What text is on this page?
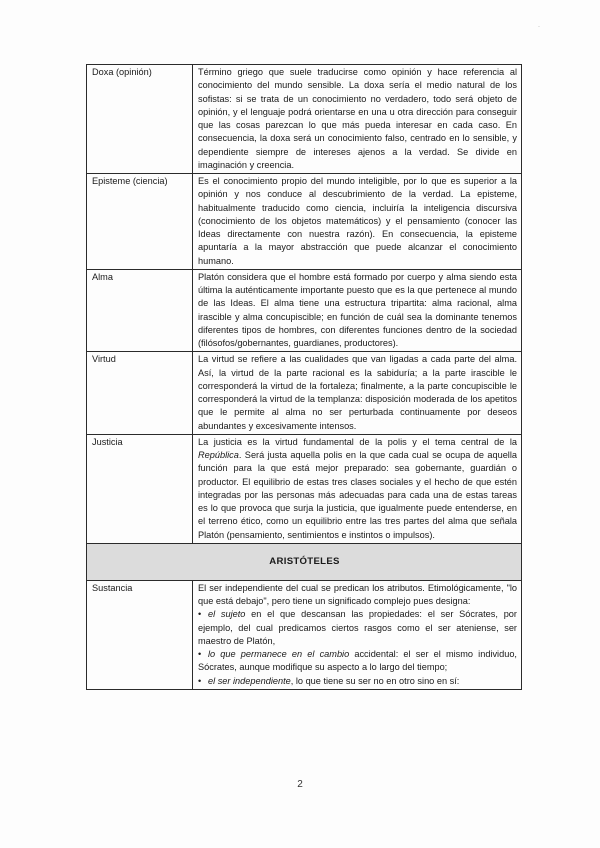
·
Doxa (opinión)	Término griego que suele traducirse como opinión y hace referencia al conocimiento del mundo sensible. La doxa sería el medio natural de los sofistas: si se trata de un conocimiento no verdadero, todo será objeto de opinión, y el lenguaje podrá orientarse en una u otra dirección para conseguir que las cosas parezcan lo que más pueda interesar en cada caso. En consecuencia, la doxa será un conocimiento falso, centrado en lo sensible, y dependiente siempre de intereses ajenos a la verdad. Se divide en imaginación y creencia.
Episteme (ciencia)	Es el conocimiento propio del mundo inteligible, por lo que es superior a la opinión y nos conduce al descubrimiento de la verdad. La episteme, habitualmente traducido como ciencia, incluiría la inteligencia discursiva (conocimiento de los objetos matemáticos) y el pensamiento (conocer las Ideas directamente con nuestra razón). En consecuencia, la episteme apuntaría a la mayor abstracción que puede alcanzar el conocimiento humano.
Alma	Platón considera que el hombre está formado por cuerpo y alma siendo esta última la auténticamente importante puesto que es la que pertenece al mundo de las Ideas. El alma tiene una estructura tripartita: alma racional, alma irascible y alma concupiscible; en función de cuál sea la dominante tenemos diferentes tipos de hombres, con diferentes funciones dentro de la sociedad (filósofos/gobernantes, guardianes, productores).
Virtud	La virtud se refiere a las cualidades que van ligadas a cada parte del alma. Así, la virtud de la parte racional es la sabiduría; a la parte irascible le corresponderá la virtud de la fortaleza; finalmente, a la parte concupiscible le corresponderá la virtud de la templanza: disposición moderada de los apetitos que le permite al alma no ser perturbada continuamente por deseos abundantes y excesivamente intensos.
Justicia	La justicia es la virtud fundamental de la polis y el tema central de la República. Será justa aquella polis en la que cada cual se ocupa de aquella función para la que está mejor preparado: sea gobernante, guardián o productor. El equilibrio de estas tres clases sociales y el hecho de que estén integradas por las personas más adecuadas para cada una de estas tareas es lo que provoca que surja la justicia, que igualmente puede entenderse, en el terreno ético, como un equilibrio entre las tres partes del alma que señala Platón (pensamiento, sentimientos e instintos o impulsos).
ARISTÓTELES	
Sustancia	El ser independiente del cual se predican los atributos. Etimológicamente, "lo que está debajo", pero tiene un significado complejo pues designa:
• el sujeto en el que descansan las propiedades: el ser Sócrates, por ejemplo, del cual predicamos ciertos rasgos como el ser ateniense, ser maestro de Platón,
• lo que permanece en el cambio accidental: el ser el mismo individuo, Sócrates, aunque modifique su aspecto a lo largo del tiempo;
• el ser independiente, lo que tiene su ser no en otro sino en sí:
2
